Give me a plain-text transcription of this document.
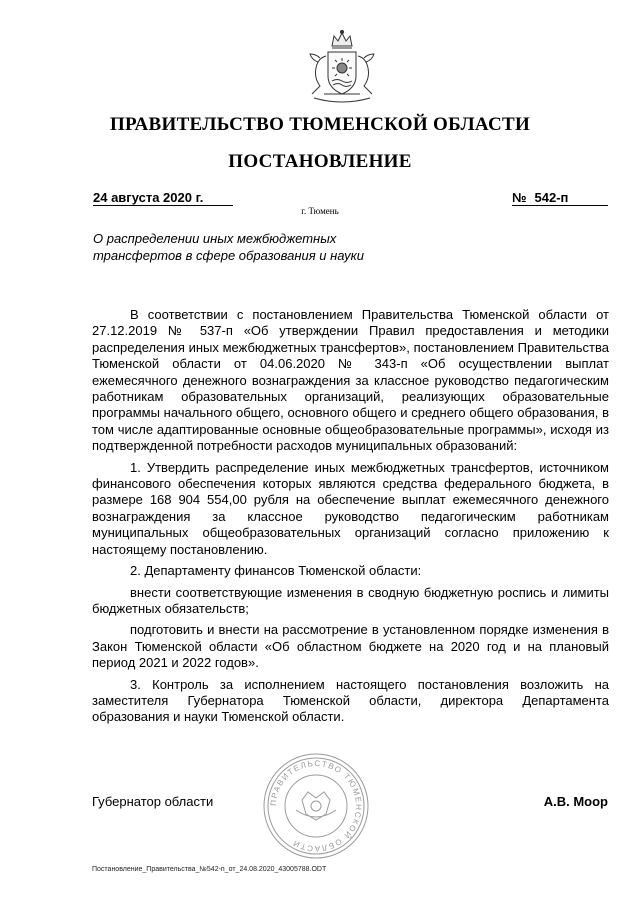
ПРАВИТЕЛЬСТВО ТЮМЕНСКОЙ ОБЛАСТИ
ПОСТАНОВЛЕНИЕ
24 августа 2020 г.	№ 542-п
г. Тюмень
О распределении иных межбюджетных
трансфертов в сфере образования и науки

В соответствии с постановлением Правительства Тюменской области от 27.12.2019 № 537-п «Об утверждении Правил предоставления и методики распределения иных межбюджетных трансфертов», постановлением Правительства Тюменской области от 04.06.2020 № 343-п «Об осуществлении выплат ежемесячного денежного вознаграждения за классное руководство педагогическим работникам образовательных организаций, реализующих образовательные программы начального общего, основного общего и среднего общего образования, в том числе адаптированные основные общеобразовательные программы», исходя из подтвержденной потребности расходов муниципальных образований:

1. Утвердить распределение иных межбюджетных трансфертов, источником финансового обеспечения которых являются средства федерального бюджета, в размере 168 904 554,00 рубля на обеспечение выплат ежемесячного денежного вознаграждения за классное руководство педагогическим работникам муниципальных общеобразовательных организаций согласно приложению к настоящему постановлению.

2. Департаменту финансов Тюменской области:

внести соответствующие изменения в сводную бюджетную роспись и лимиты бюджетных обязательств;

подготовить и внести на рассмотрение в установленном порядке изменения в Закон Тюменской области «Об областном бюджете на 2020 год и на плановый период 2021 и 2022 годов».

3. Контроль за исполнением настоящего постановления возложить на заместителя Губернатора Тюменской области, директора Департамента образования и науки Тюменской области.

ПРАВИТЕЛЬСТВО ТЮМЕНСКОЙ ОБЛАСТИ
Губернатор области	А.В. Моор
Постановление_Правительства_№542-п_от_24.08.2020_43005788.ODT
